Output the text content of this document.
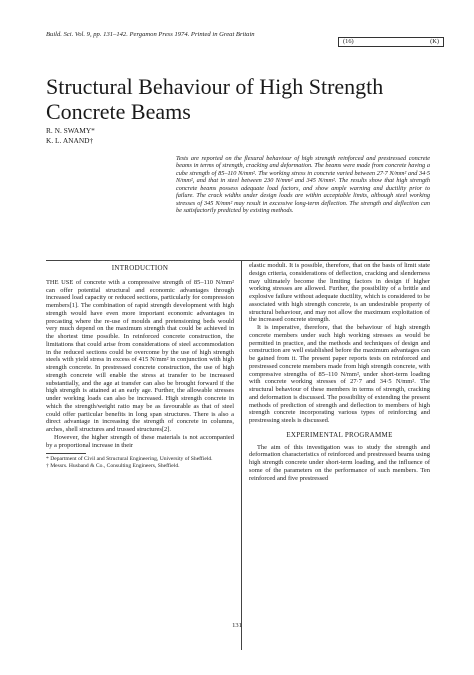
Build. Sci. Vol. 9, pp. 131–142. Pergamon Press 1974. Printed in Great Britain
(16)	(K)
Structural Behaviour of High Strength Concrete Beams
R. N. SWAMY*
K. L. ANAND†
Tests are reported on the flexural behaviour of high strength reinforced and prestressed concrete beams in terms of strength, cracking and deformation. The beams were made from concrete having a cube strength of 85–110 N/mm². The working stress in concrete varied between 27·7 N/mm² and 34·5 N/mm², and that in steel between 230 N/mm² and 345 N/mm². The results show that high strength concrete beams possess adequate load factors, and show ample warning and ductility prior to failure. The crack widths under design loads are within acceptable limits, although steel working stresses of 345 N/mm² may result in excessive long-term deflection. The strength and deflection can be satisfactorily predicted by existing methods.
INTRODUCTION

THE USE of concrete with a compressive strength of 85–110 N/mm² can offer potential structural and economic advantages through increased load capacity or reduced sections, particularly for compression members[1]. The combination of rapid strength development with high strength would have even more important economic advantages in precasting where the re-use of moulds and pretensioning beds would very much depend on the maximum strength that could be achieved in the shortest time possible. In reinforced concrete construction, the limitations that could arise from considerations of steel accommodation in the reduced sections could be overcome by the use of high strength steels with yield stress in excess of 415 N/mm² in conjunction with high strength concrete. In prestressed concrete construction, the use of high strength concrete will enable the stress at transfer to be increased substantially, and the age at transfer can also be brought forward if the high strength is attained at an early age. Further, the allowable stresses under working loads can also be increased. High strength concrete in which the strength/weight ratio may be as favourable as that of steel could offer particular benefits in long span structures. There is also a direct advantage in increasing the strength of concrete in columns, arches, shell structures and trussed structures[2].

However, the higher strength of these materials is not accompanied by a proportional increase in their

* Department of Civil and Structural Engineering, University of Sheffield.
† Messrs. Husband & Co., Consulting Engineers, Sheffield.

elastic moduli. It is possible, therefore, that on the basis of limit state design criteria, considerations of deflection, cracking and slenderness may ultimately become the limiting factors in design if higher working stresses are allowed. Further, the possibility of a brittle and explosive failure without adequate ductility, which is considered to be associated with high strength concrete, is an undesirable property of structural behaviour, and may not allow the maximum exploitation of the increased concrete strength.

It is imperative, therefore, that the behaviour of high strength concrete members under such high working stresses as would be permitted in practice, and the methods and techniques of design and construction are well established before the maximum advantages can be gained from it. The present paper reports tests on reinforced and prestressed concrete members made from high strength concrete, with compressive strengths of 85–110 N/mm², under short-term loading with concrete working stresses of 27·7 and 34·5 N/mm². The structural behaviour of these members in terms of strength, cracking and deformation is discussed. The possibility of extending the present methods of prediction of strength and deflection to members of high strength concrete incorporating various types of reinforcing and prestressing steels is discussed.

EXPERIMENTAL PROGRAMME

The aim of this investigation was to study the strength and deformation characteristics of reinforced and prestressed beams using high strength concrete under short-term loading, and the influence of some of the parameters on the performance of such members. Ten reinforced and five prestressed

131
